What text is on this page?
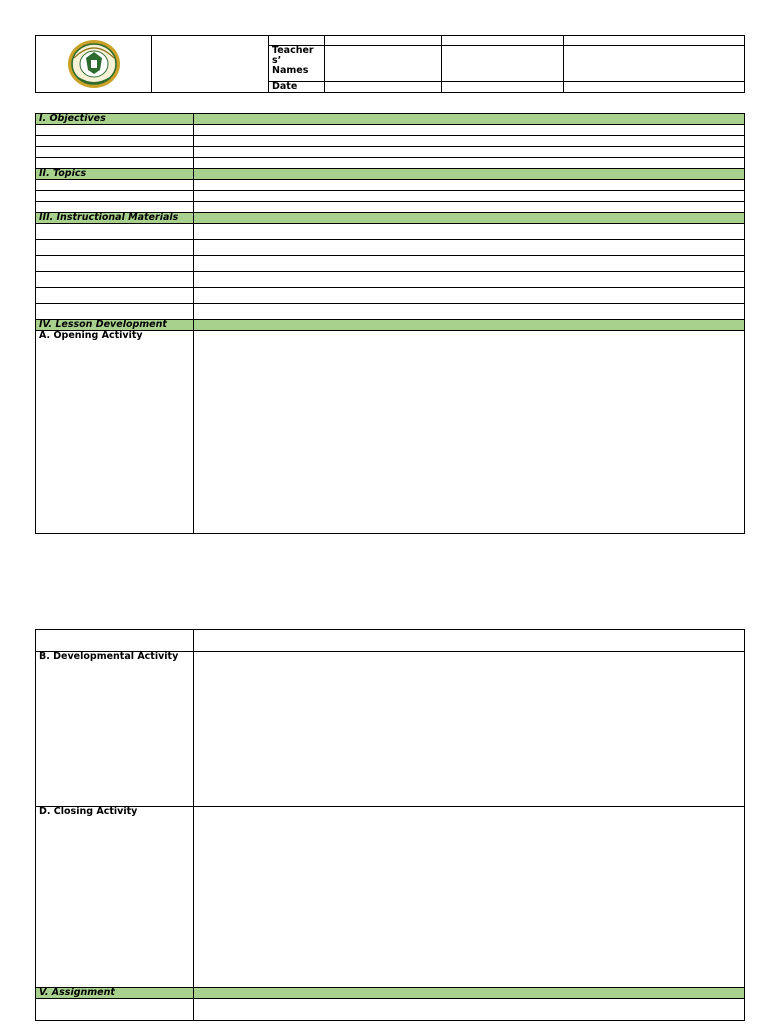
		Teacher
s’
Names			

		Date			
I. Objectives	

II. Topics	

III. Instructional Materials	

IV. Lesson Development	
A. Opening Activity	

B. Developmental Activity	
D. Closing Activity	
V. Assignment	
